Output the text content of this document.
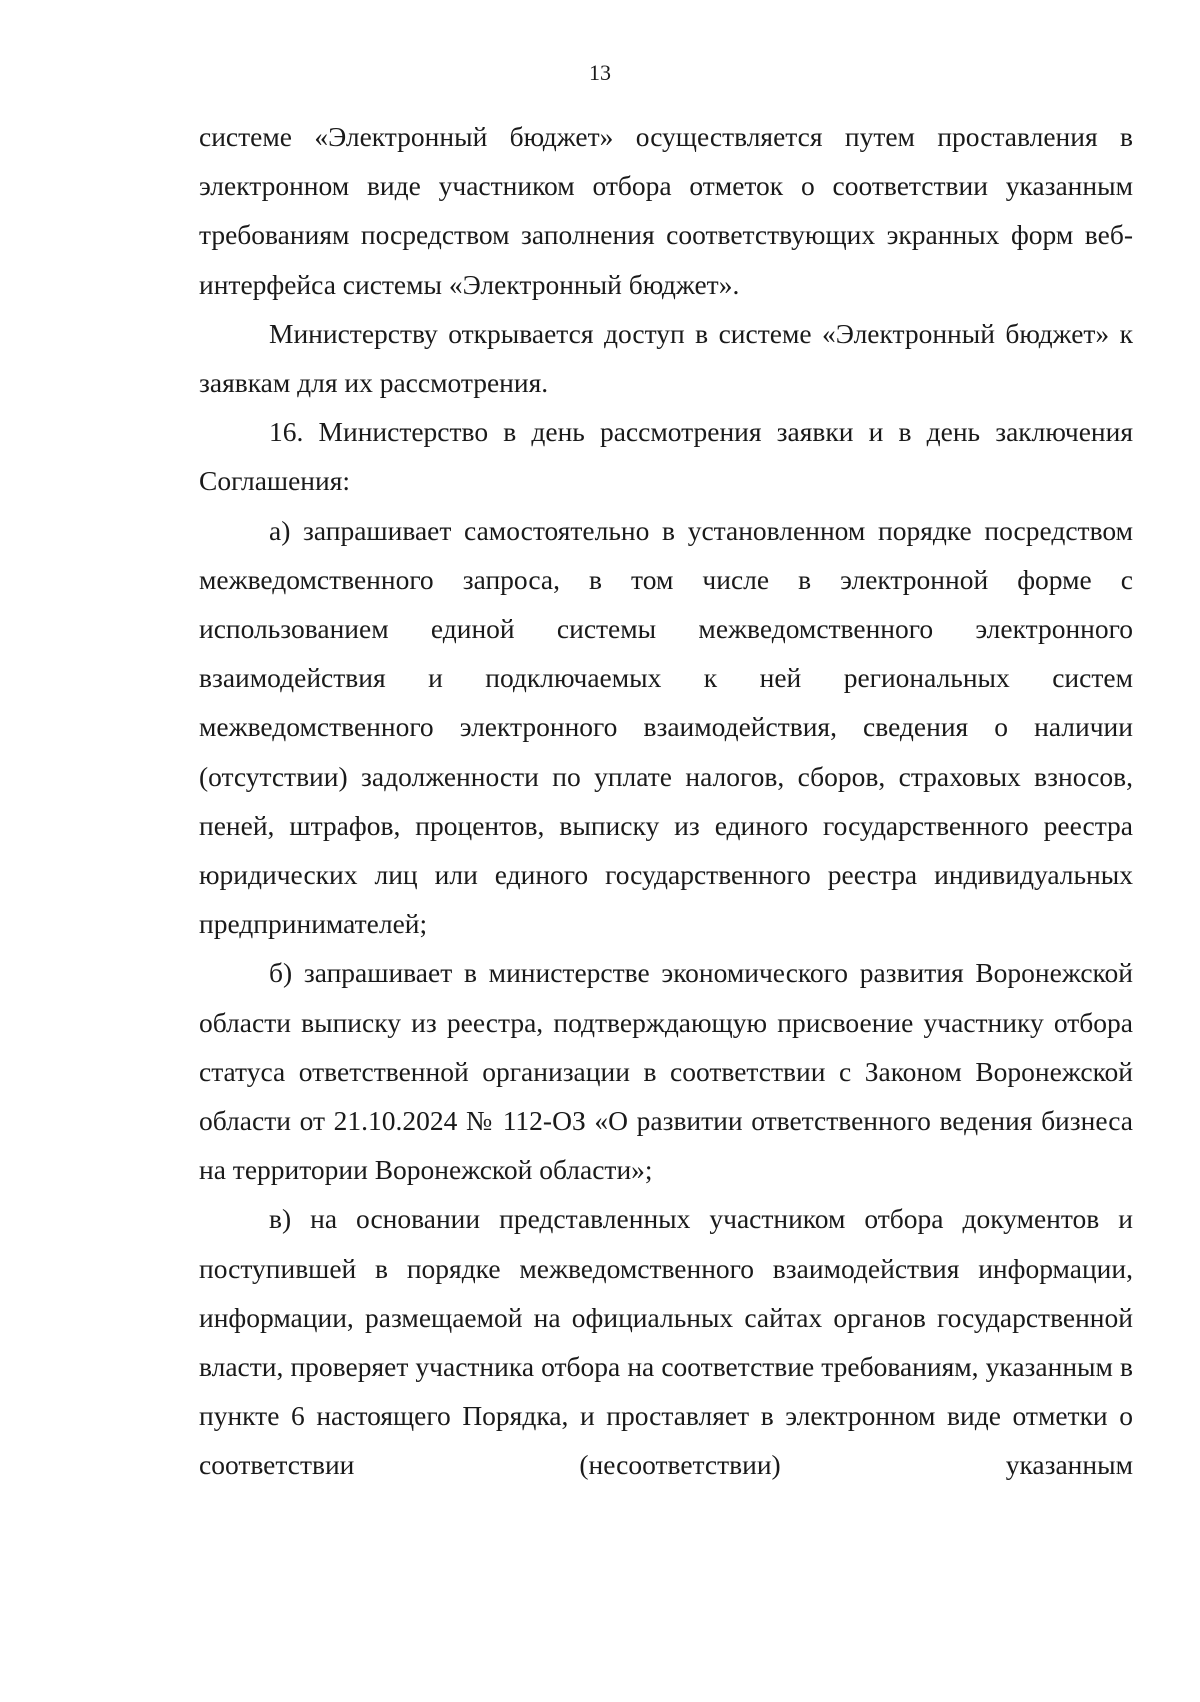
13

системе «Электронный бюджет» осуществляется путем проставления в электронном виде участником отбора отметок о соответствии указанным требованиям посредством заполнения соответствующих экранных форм веб-интерфейса системы «Электронный бюджет».

Министерству открывается доступ в системе «Электронный бюджет» к заявкам для их рассмотрения.

16. Министерство в день рассмотрения заявки и в день заключения Соглашения:

а) запрашивает самостоятельно в установленном порядке посредством межведомственного запроса, в том числе в электронной форме с использованием единой системы межведомственного электронного взаимодействия и подключаемых к ней региональных систем межведомственного электронного взаимодействия, сведения о наличии (отсутствии) задолженности по уплате налогов, сборов, страховых взносов, пеней, штрафов, процентов, выписку из единого государственного реестра юридических лиц или единого государственного реестра индивидуальных предпринимателей;

б) запрашивает в министерстве экономического развития Воронежской области выписку из реестра, подтверждающую присвоение участнику отбора статуса ответственной организации в соответствии с Законом Воронежской области от 21.10.2024 № 112-ОЗ «О развитии ответственного ведения бизнеса на территории Воронежской области»;

в) на основании представленных участником отбора документов и поступившей в порядке межведомственного взаимодействия информации, информации, размещаемой на официальных сайтах органов государственной власти, проверяет участника отбора на соответствие требованиям, указанным в пункте 6 настоящего Порядка, и проставляет в электронном виде отметки о соответствии (несоответствии) указанным
